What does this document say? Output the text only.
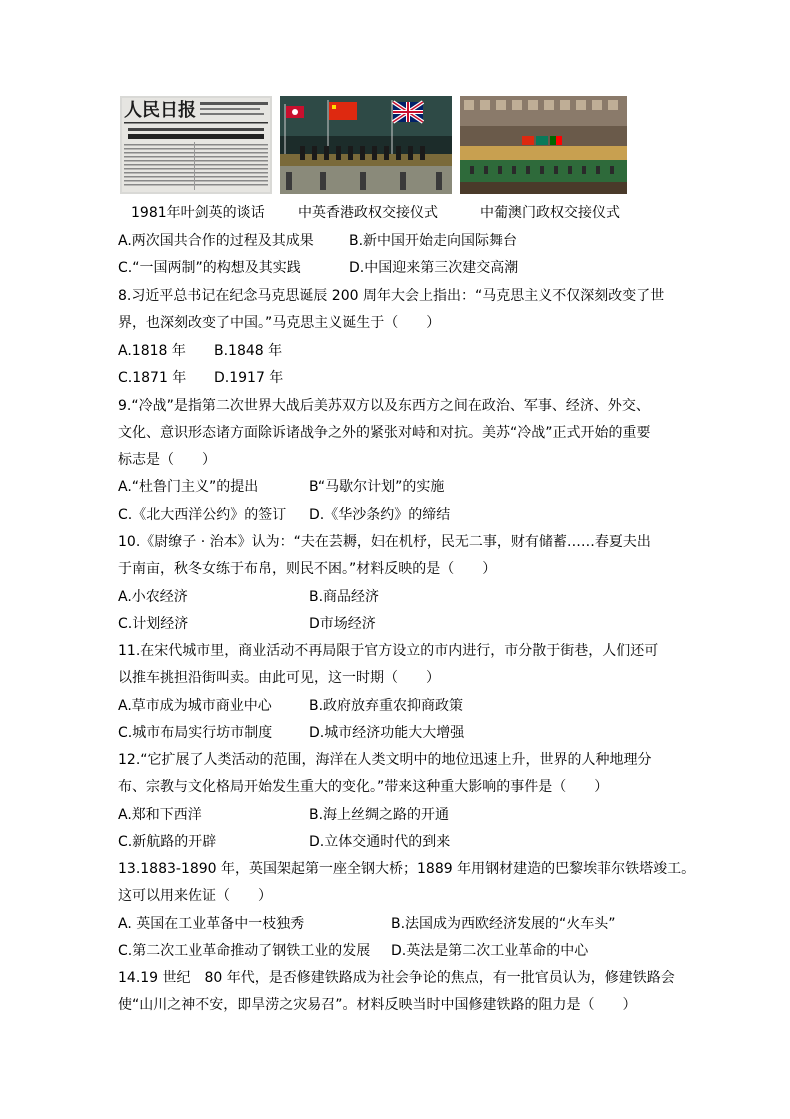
人民日报
1981年叶剑英的谈话 中英香港政权交接仪式	中葡澳门政权交接仪式
A.两次国共合作的过程及其成果	B.新中国开始走向国际舞台
C.“一国两制”的构想及其实践	D.中国迎来第三次建交高潮
8.习近平总书记在纪念马克思诞辰 200 周年大会上指出：“马克思主义不仅深刻改变了世
界，也深刻改变了中国。”马克思主义诞生于（　　）
A.1818 年 B.1848 年
C.1871 年 D.1917 年
9.“冷战”是指第二次世界大战后美苏双方以及东西方之间在政治、军事、经济、外交、
文化、意识形态诸方面除诉诸战争之外的紧张对峙和对抗。美苏“冷战”正式开始的重要
标志是（　　）
A.“杜鲁门主义”的提出	B“马歇尔计划”的实施
C.《北大西洋公约》的签订 D.《华沙条约》的缔结
10.《尉缭子 · 治本》认为：“夫在芸耨，妇在机杼，民无二事，财有储蓄……春夏夫出
于南亩，秋冬女练于布帛，则民不困。”材料反映的是（　　）
A.小农经济	B.商品经济
C.计划经济	D市场经济
11.在宋代城市里，商业活动不再局限于官方设立的市内进行，市分散于街巷，人们还可
以推车挑担沿街叫卖。由此可见，这一时期（　　）
A.草市成为城市商业中心	B.政府放弃重农抑商政策
C.城市布局实行坊市制度	D.城市经济功能大大增强
12.“它扩展了人类活动的范围，海洋在人类文明中的地位迅速上升，世界的人种地理分
布、宗教与文化格局开始发生重大的变化。”带来这种重大影响的事件是（　　）
A.郑和下西洋	B.海上丝绸之路的开通
C.新航路的开辟	D.立体交通时代的到来
13.1883-1890 年，英国架起第一座全钢大桥；1889 年用钢材建造的巴黎埃菲尔铁塔竣工。
这可以用来佐证（　　）
A. 英国在工业革备中一枝独秀	B.法国成为西欧经济发展的“火车头”
C.第二次工业革命推动了钢铁工业的发展 D.英法是第二次工业革命的中心
14.19 世纪　80 年代，是否修建铁路成为社会争论的焦点，有一批官员认为，修建铁路会
使“山川之神不安，即旱涝之灾易召”。材料反映当时中国修建铁路的阻力是（　　）
